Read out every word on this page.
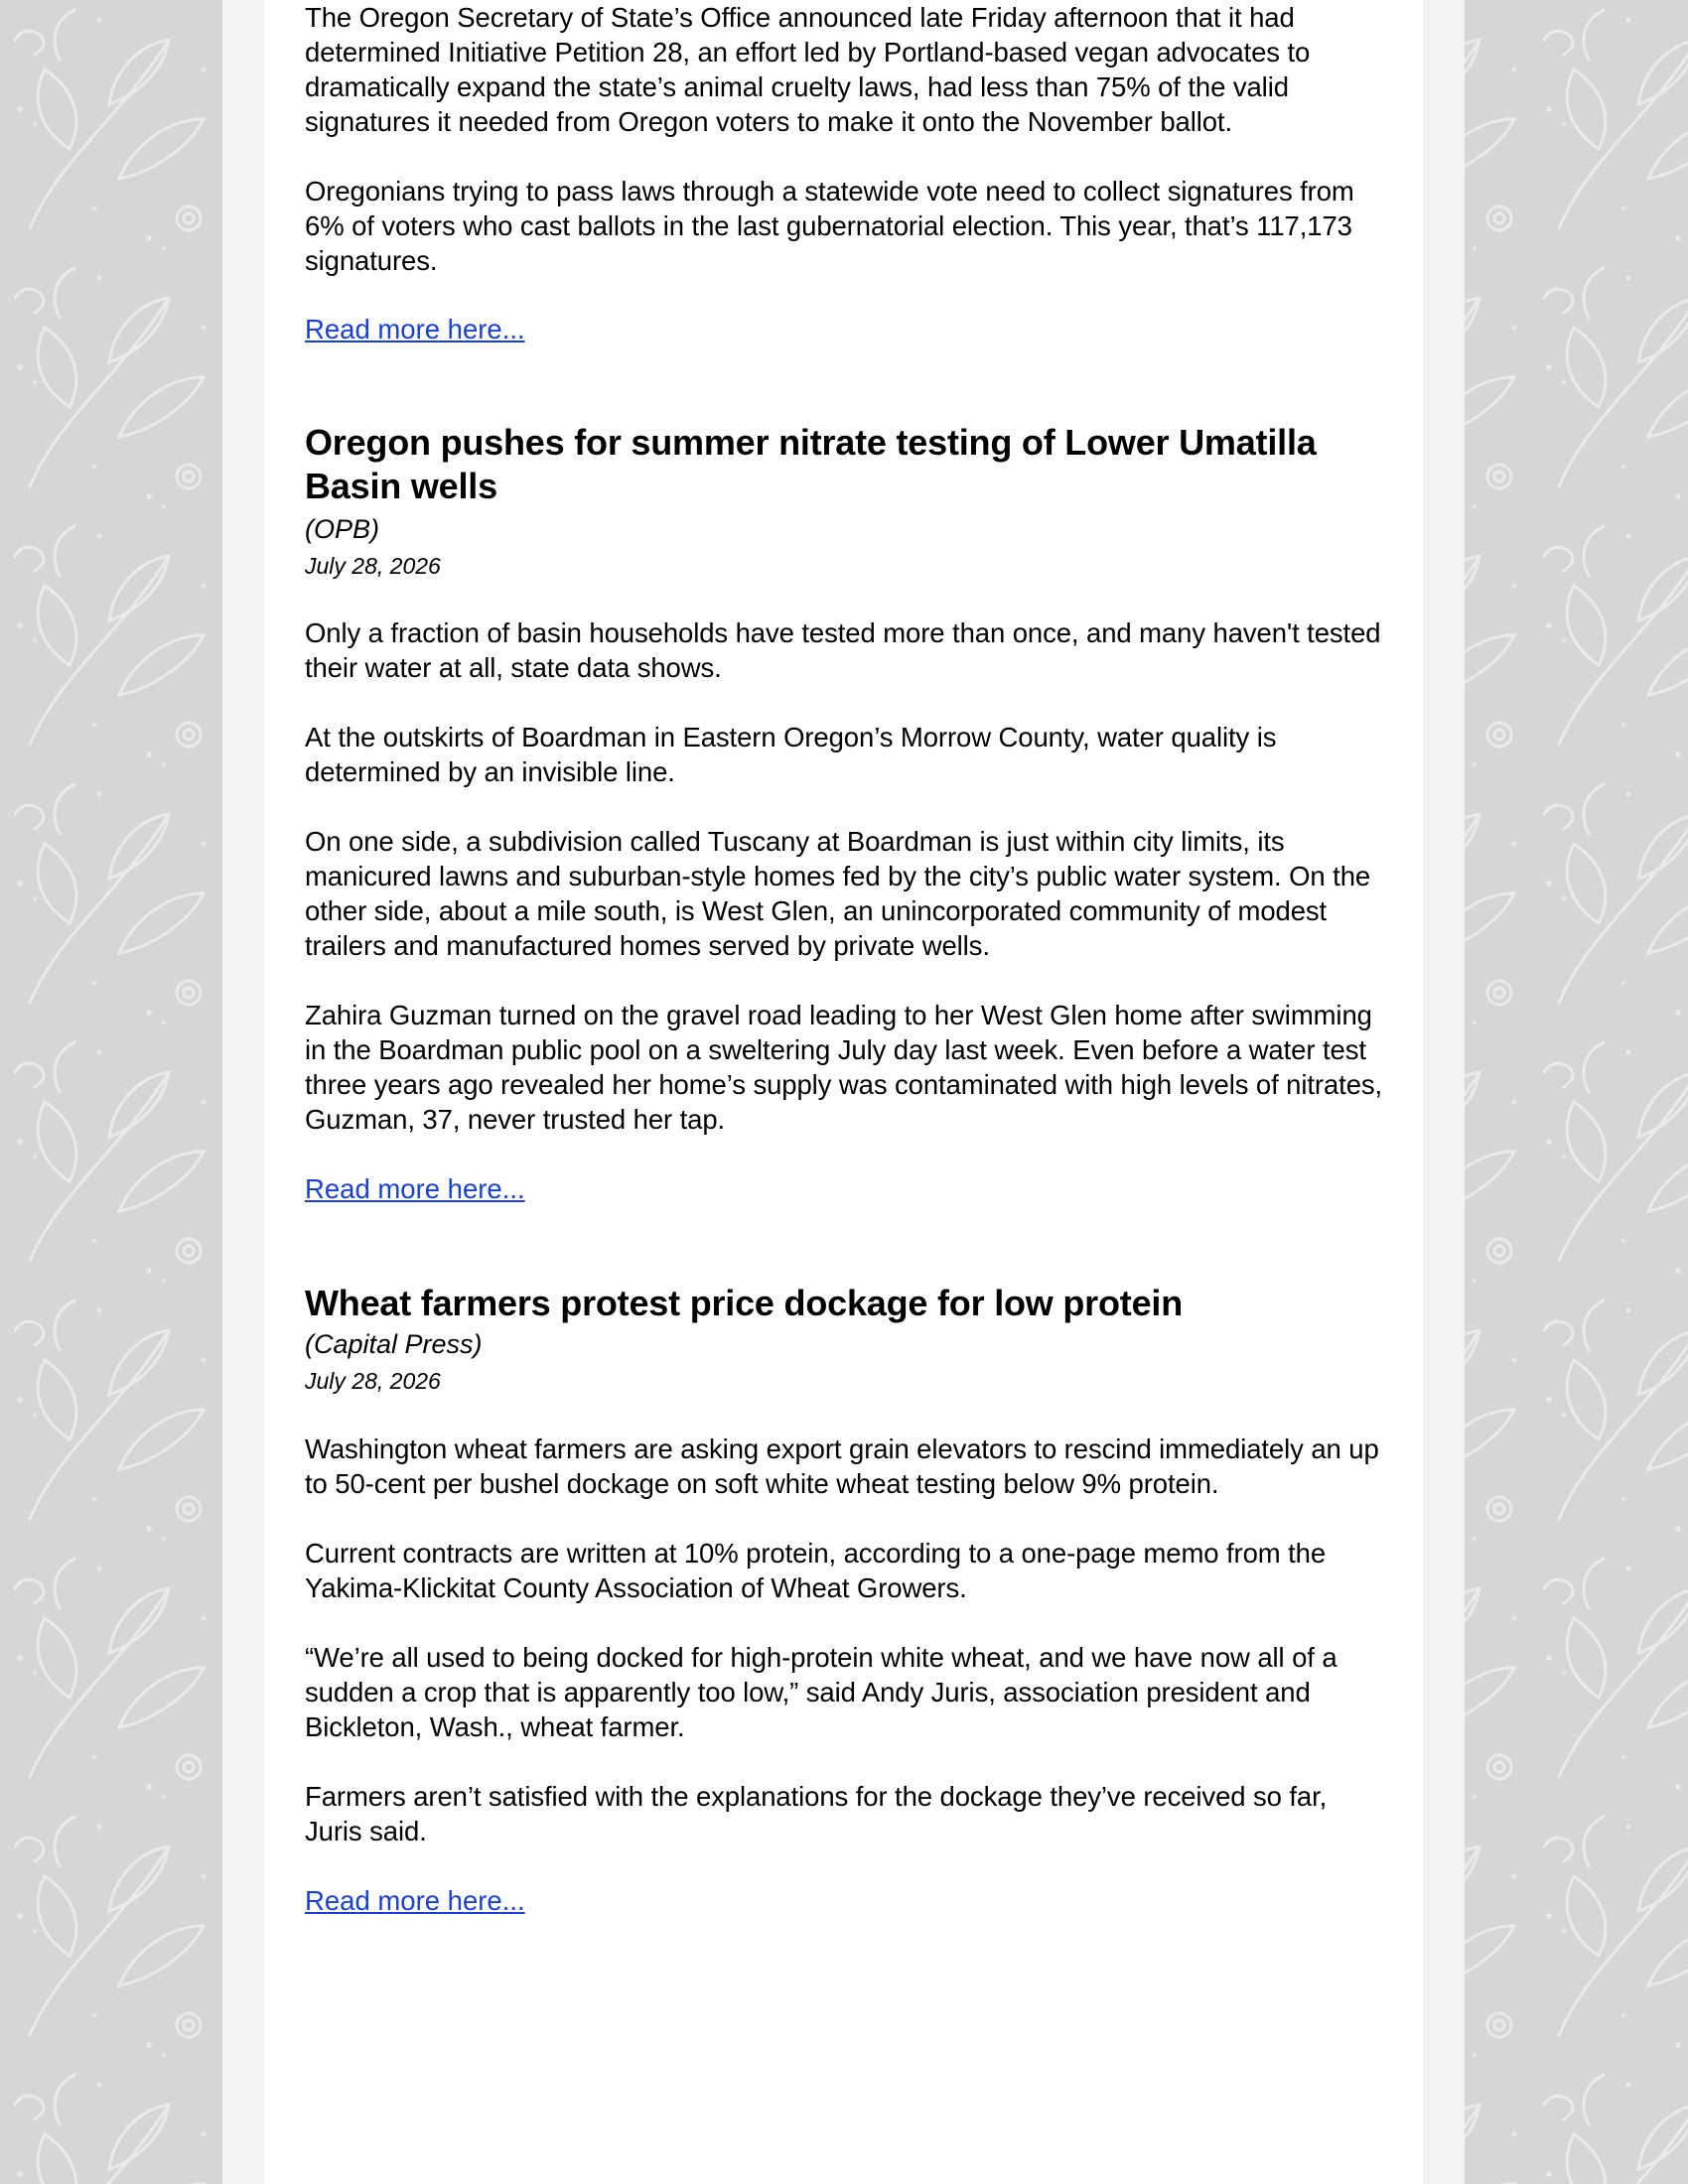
The Oregon Secretary of State’s Office announced late Friday afternoon that it had determined Initiative Petition 28, an effort led by Portland-based vegan advocates to dramatically expand the state’s animal cruelty laws, had less than 75% of the valid signatures it needed from Oregon voters to make it onto the November ballot.

Oregonians trying to pass laws through a statewide vote need to collect signatures from 6% of voters who cast ballots in the last gubernatorial election. This year, that’s 117,173 signatures.

Read more here...
Oregon pushes for summer nitrate testing of Lower Umatilla Basin wells
(OPB)
July 28, 2026

Only a fraction of basin households have tested more than once, and many haven't tested their water at all, state data shows.

At the outskirts of Boardman in Eastern Oregon’s Morrow County, water quality is determined by an invisible line.

On one side, a subdivision called Tuscany at Boardman is just within city limits, its manicured lawns and suburban-style homes fed by the city’s public water system. On the other side, about a mile south, is West Glen, an unincorporated community of modest trailers and manufactured homes served by private wells.

Zahira Guzman turned on the gravel road leading to her West Glen home after swimming in the Boardman public pool on a sweltering July day last week. Even before a water test three years ago revealed her home’s supply was contaminated with high levels of nitrates, Guzman, 37, never trusted her tap.

Read more here...
Wheat farmers protest price dockage for low protein
(Capital Press)
July 28, 2026

Washington wheat farmers are asking export grain elevators to rescind immediately an up to 50-cent per bushel dockage on soft white wheat testing below 9% protein.

Current contracts are written at 10% protein, according to a one-page memo from the Yakima-Klickitat County Association of Wheat Growers.

“We’re all used to being docked for high-protein white wheat, and we have now all of a sudden a crop that is apparently too low,” said Andy Juris, association president and Bickleton, Wash., wheat farmer.

Farmers aren’t satisfied with the explanations for the dockage they’ve received so far, Juris said.

Read more here...
